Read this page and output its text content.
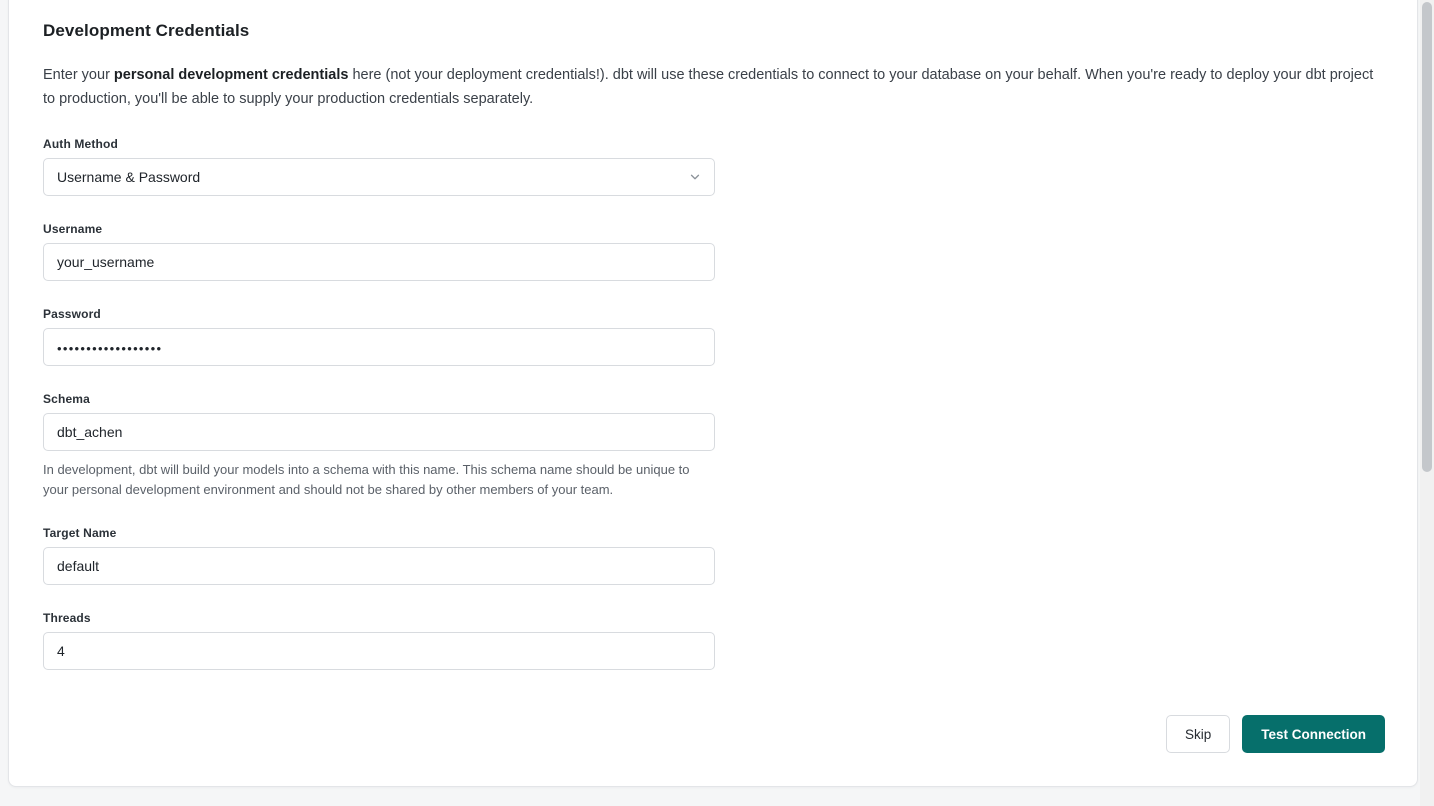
Development Credentials

Enter your personal development credentials here (not your deployment credentials!). dbt will use these credentials to connect to your database on your behalf. When you're ready to deploy your dbt project to production, you'll be able to supply your production credentials separately.

Auth Method
Username & Password
Username
your_username
Password
••••••••••••••••••
Schema
dbt_achen
In development, dbt will build your models into a schema with this name. This schema name should be unique to your personal development environment and should not be shared by other members of your team.
Target Name
default
Threads
4
Skip	Test Connection
